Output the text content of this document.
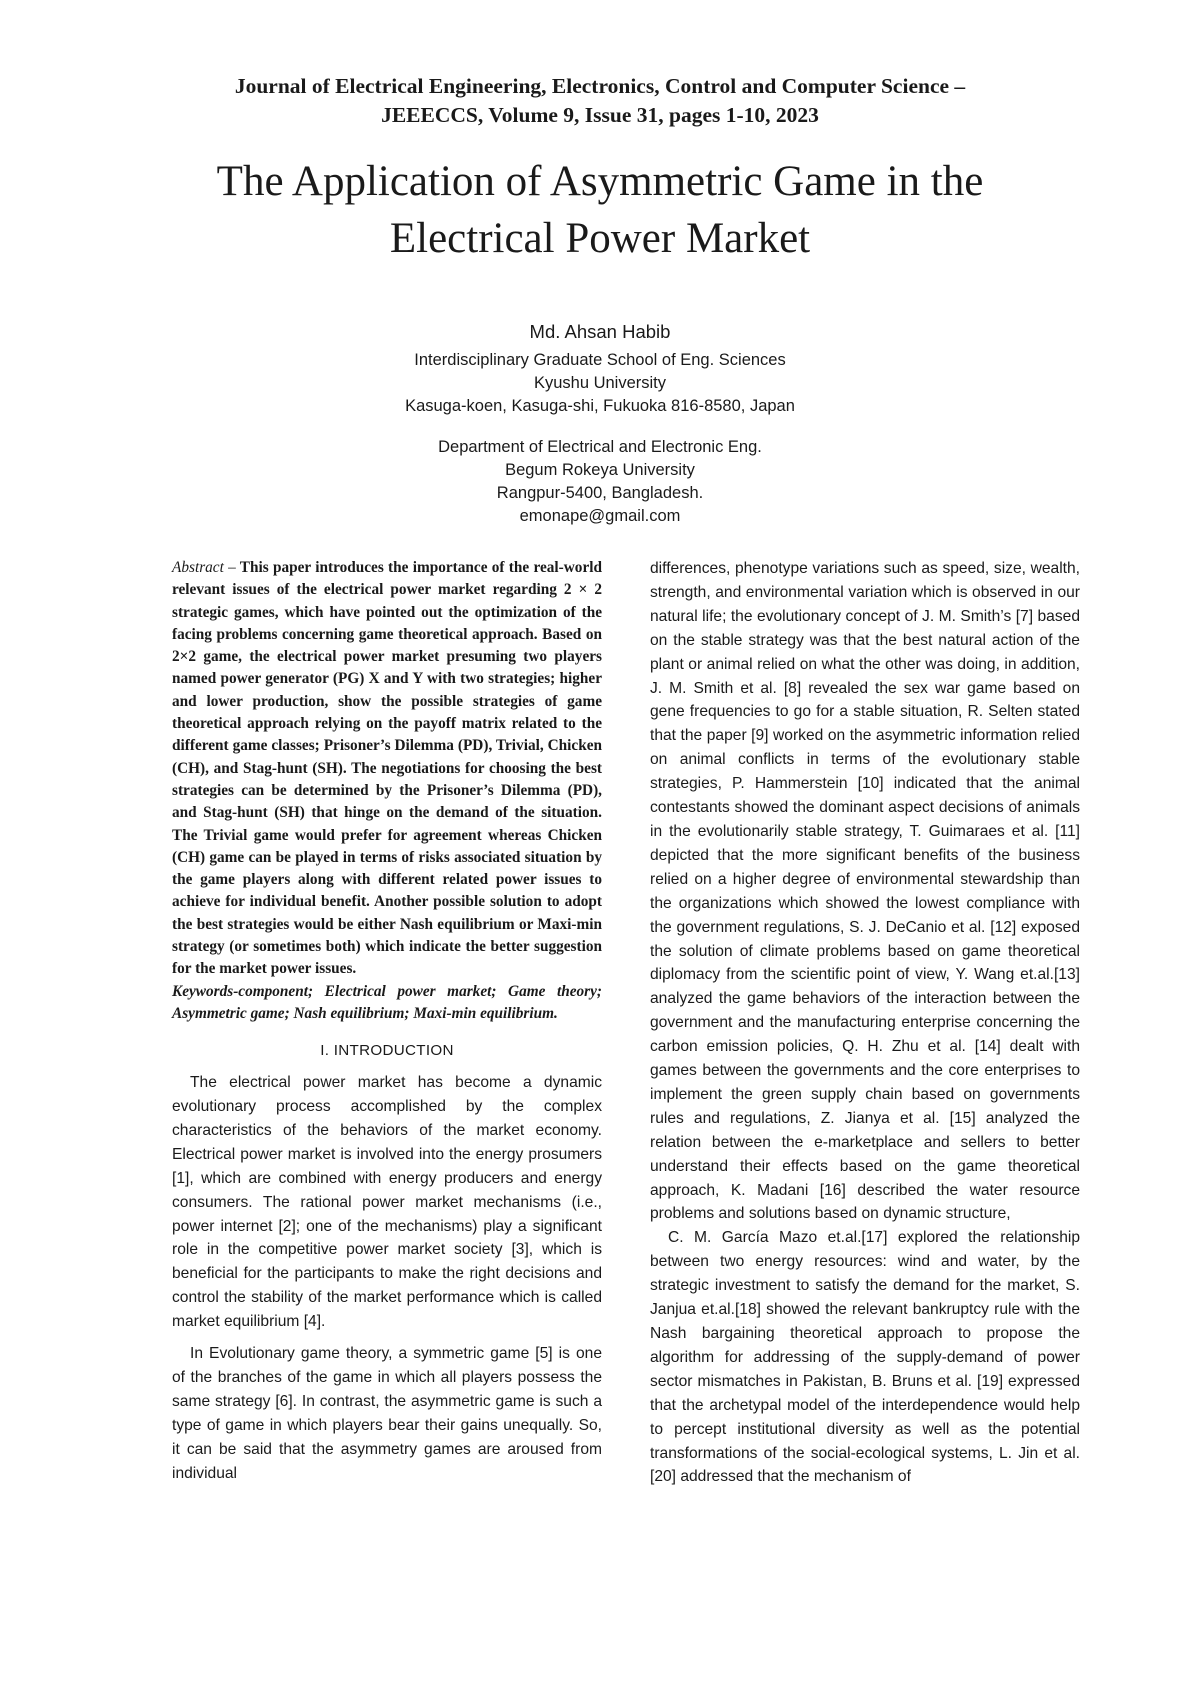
Journal of Electrical Engineering, Electronics, Control and Computer Science –
JEEECCS, Volume 9, Issue 31, pages 1-10, 2023
The Application of Asymmetric Game in the
Electrical Power Market
Md. Ahsan Habib
Interdisciplinary Graduate School of Eng. Sciences
Kyushu University
Kasuga-koen, Kasuga-shi, Fukuoka 816-8580, Japan
Department of Electrical and Electronic Eng.
Begum Rokeya University
Rangpur-5400, Bangladesh.
emonape@gmail.com

Abstract – This paper introduces the importance of the real-world relevant issues of the electrical power market regarding 2 × 2 strategic games, which have pointed out the optimization of the facing problems concerning game theoretical approach. Based on 2×2 game, the electrical power market presuming two players named power generator (PG) X and Y with two strategies; higher and lower production, show the possible strategies of game theoretical approach relying on the payoff matrix related to the different game classes; Prisoner’s Dilemma (PD), Trivial, Chicken (CH), and Stag-hunt (SH). The negotiations for choosing the best strategies can be determined by the Prisoner’s Dilemma (PD), and Stag-hunt (SH) that hinge on the demand of the situation. The Trivial game would prefer for agreement whereas Chicken (CH) game can be played in terms of risks associated situation by the game players along with different related power issues to achieve for individual benefit. Another possible solution to adopt the best strategies would be either Nash equilibrium or Maxi-min strategy (or sometimes both) which indicate the better suggestion for the market power issues.

Keywords-component; Electrical power market; Game theory; Asymmetric game; Nash equilibrium; Maxi-min equilibrium.

I. INTRODUCTION

The electrical power market has become a dynamic evolutionary process accomplished by the complex characteristics of the behaviors of the market economy. Electrical power market is involved into the energy prosumers [1], which are combined with energy producers and energy consumers. The rational power market mechanisms (i.e., power internet [2]; one of the mechanisms) play a significant role in the competitive power market society [3], which is beneficial for the participants to make the right decisions and control the stability of the market performance which is called market equilibrium [4].

In Evolutionary game theory, a symmetric game [5] is one of the branches of the game in which all players possess the same strategy [6]. In contrast, the asymmetric game is such a type of game in which players bear their gains unequally. So, it can be said that the asymmetry games are aroused from individual

differences, phenotype variations such as speed, size, wealth, strength, and environmental variation which is observed in our natural life; the evolutionary concept of J. M. Smith’s [7] based on the stable strategy was that the best natural action of the plant or animal relied on what the other was doing, in addition, J. M. Smith et al. [8] revealed the sex war game based on gene frequencies to go for a stable situation, R. Selten stated that the paper [9] worked on the asymmetric information relied on animal conflicts in terms of the evolutionary stable strategies, P. Hammerstein [10] indicated that the animal contestants showed the dominant aspect decisions of animals in the evolutionarily stable strategy, T. Guimaraes et al. [11] depicted that the more significant benefits of the business relied on a higher degree of environmental stewardship than the organizations which showed the lowest compliance with the government regulations, S. J. DeCanio et al. [12] exposed the solution of climate problems based on game theoretical diplomacy from the scientific point of view, Y. Wang et.al.[13] analyzed the game behaviors of the interaction between the government and the manufacturing enterprise concerning the carbon emission policies, Q. H. Zhu et al. [14] dealt with games between the governments and the core enterprises to implement the green supply chain based on governments rules and regulations, Z. Jianya et al. [15] analyzed the relation between the e-marketplace and sellers to better understand their effects based on the game theoretical approach, K. Madani [16] described the water resource problems and solutions based on dynamic structure,

C. M. García Mazo et.al.[17] explored the relationship between two energy resources: wind and water, by the strategic investment to satisfy the demand for the market, S. Janjua et.al.[18] showed the relevant bankruptcy rule with the Nash bargaining theoretical approach to propose the algorithm for addressing of the supply-demand of power sector mismatches in Pakistan, B. Bruns et al. [19] expressed that the archetypal model of the interdependence would help to percept institutional diversity as well as the potential transformations of the social-ecological systems, L. Jin et al. [20] addressed that the mechanism of
